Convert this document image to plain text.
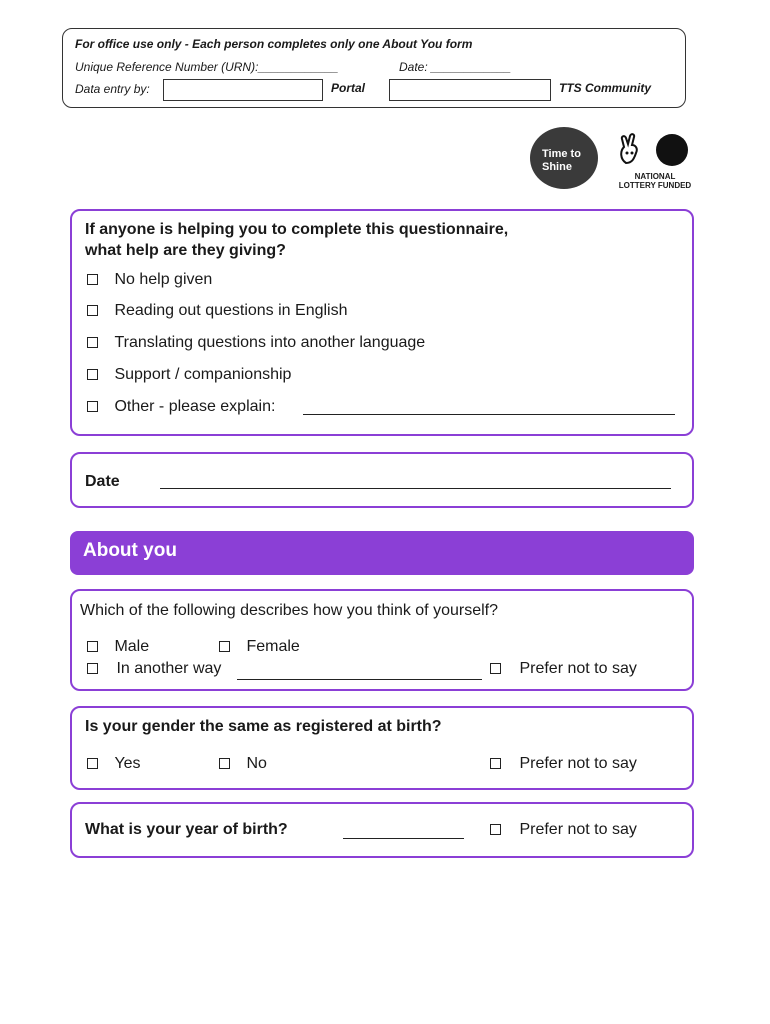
For office use only - Each person completes only one About You form
Unique Reference Number (URN):____________	Date: ____________
Data entry by:	Portal	TTS Community
Time to
Shine
NATIONAL
LOTTERY FUNDED
If anyone is helping you to complete this questionnaire,
what help are they giving?
No help given
Reading out questions in English
Translating questions into another language
Support / companionship
Other - please explain:
Date
About you
Which of the following describes how you think of yourself?
Male	Female
In another way	Prefer not to say
Is your gender the same as registered at birth?
Yes	No	Prefer not to say
What is your year of birth?	Prefer not to say
